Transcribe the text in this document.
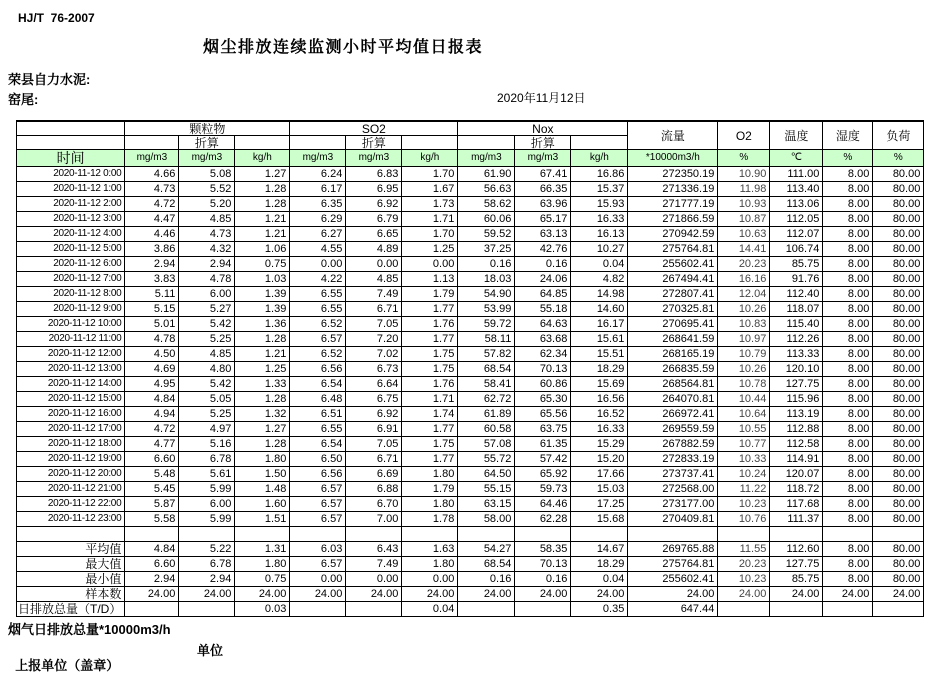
HJ/T  76-2007
烟尘排放连续监测小时平均值日报表
荣县自力水泥:
窑尾:	2020年11月12日
	颗粒物			SO2			Nox			流量	O2	温度	湿度	负荷
		折算			折算			折算						
时间	mg/m3	mg/m3	kg/h	mg/m3	mg/m3	kg/h	mg/m3	mg/m3	kg/h	*10000m3/h	%	℃	%	%
2020-11-12 0:00	4.66	5.08	1.27	6.24	6.83	1.70	61.90	67.41	16.86	272350.19	10.90	111.00	8.00	80.00
2020-11-12 1:00	4.73	5.52	1.28	6.17	6.95	1.67	56.63	66.35	15.37	271336.19	11.98	113.40	8.00	80.00
2020-11-12 2:00	4.72	5.20	1.28	6.35	6.92	1.73	58.62	63.96	15.93	271777.19	10.93	113.06	8.00	80.00
2020-11-12 3:00	4.47	4.85	1.21	6.29	6.79	1.71	60.06	65.17	16.33	271866.59	10.87	112.05	8.00	80.00
2020-11-12 4:00	4.46	4.73	1.21	6.27	6.65	1.70	59.52	63.13	16.13	270942.59	10.63	112.07	8.00	80.00
2020-11-12 5:00	3.86	4.32	1.06	4.55	4.89	1.25	37.25	42.76	10.27	275764.81	14.41	106.74	8.00	80.00
2020-11-12 6:00	2.94	2.94	0.75	0.00	0.00	0.00	0.16	0.16	0.04	255602.41	20.23	85.75	8.00	80.00
2020-11-12 7:00	3.83	4.78	1.03	4.22	4.85	1.13	18.03	24.06	4.82	267494.41	16.16	91.76	8.00	80.00
2020-11-12 8:00	5.11	6.00	1.39	6.55	7.49	1.79	54.90	64.85	14.98	272807.41	12.04	112.40	8.00	80.00
2020-11-12 9:00	5.15	5.27	1.39	6.55	6.71	1.77	53.99	55.18	14.60	270325.81	10.26	118.07	8.00	80.00
2020-11-12 10:00	5.01	5.42	1.36	6.52	7.05	1.76	59.72	64.63	16.17	270695.41	10.83	115.40	8.00	80.00
2020-11-12 11:00	4.78	5.25	1.28	6.57	7.20	1.77	58.11	63.68	15.61	268641.59	10.97	112.26	8.00	80.00
2020-11-12 12:00	4.50	4.85	1.21	6.52	7.02	1.75	57.82	62.34	15.51	268165.19	10.79	113.33	8.00	80.00
2020-11-12 13:00	4.69	4.80	1.25	6.56	6.73	1.75	68.54	70.13	18.29	266835.59	10.26	120.10	8.00	80.00
2020-11-12 14:00	4.95	5.42	1.33	6.54	6.64	1.76	58.41	60.86	15.69	268564.81	10.78	127.75	8.00	80.00
2020-11-12 15:00	4.84	5.05	1.28	6.48	6.75	1.71	62.72	65.30	16.56	264070.81	10.44	115.96	8.00	80.00
2020-11-12 16:00	4.94	5.25	1.32	6.51	6.92	1.74	61.89	65.56	16.52	266972.41	10.64	113.19	8.00	80.00
2020-11-12 17:00	4.72	4.97	1.27	6.55	6.91	1.77	60.58	63.75	16.33	269559.59	10.55	112.88	8.00	80.00
2020-11-12 18:00	4.77	5.16	1.28	6.54	7.05	1.75	57.08	61.35	15.29	267882.59	10.77	112.58	8.00	80.00
2020-11-12 19:00	6.60	6.78	1.80	6.50	6.71	1.77	55.72	57.42	15.20	272833.19	10.33	114.91	8.00	80.00
2020-11-12 20:00	5.48	5.61	1.50	6.56	6.69	1.80	64.50	65.92	17.66	273737.41	10.24	120.07	8.00	80.00
2020-11-12 21:00	5.45	5.99	1.48	6.57	6.88	1.79	55.15	59.73	15.03	272568.00	11.22	118.72	8.00	80.00
2020-11-12 22:00	5.87	6.00	1.60	6.57	6.70	1.80	63.15	64.46	17.25	273177.00	10.23	117.68	8.00	80.00
2020-11-12 23:00	5.58	5.99	1.51	6.57	7.00	1.78	58.00	62.28	15.68	270409.81	10.76	111.37	8.00	80.00

平均值	4.84	5.22	1.31	6.03	6.43	1.63	54.27	58.35	14.67	269765.88	11.55	112.60	8.00	80.00
最大值	6.60	6.78	1.80	6.57	7.49	1.80	68.54	70.13	18.29	275764.81	20.23	127.75	8.00	80.00
最小值	2.94	2.94	0.75	0.00	0.00	0.00	0.16	0.16	0.04	255602.41	10.23	85.75	8.00	80.00
样本数	24.00	24.00	24.00	24.00	24.00	24.00	24.00	24.00	24.00	24.00	24.00	24.00	24.00	24.00
日排放总量（T/D）			0.03			0.04			0.35	647.44				
烟气日排放总量*10000m3/h

上报单位（盖章）

单位
